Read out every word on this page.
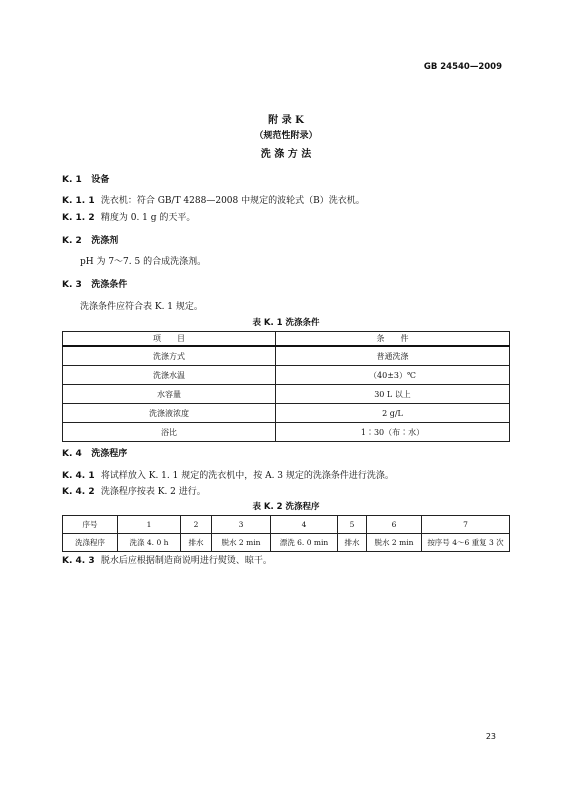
GB 24540—2009
附 录 K
（规范性附录）
洗 涤 方 法
K. 1 设备
K. 1. 1 洗衣机：符合 GB/T 4288—2008 中规定的波轮式（B）洗衣机。
K. 1. 2 精度为 0. 1 g 的天平。
K. 2 洗涤剂
pH 为 7～7. 5 的合成洗涤剂。
K. 3 洗涤条件
洗涤条件应符合表 K. 1 规定。
表 K. 1 洗涤条件
项　　目	条　　件
洗涤方式	普通洗涤
洗涤水温	（40±3）℃
水容量	30 L 以上
洗涤液浓度	2 g/L
浴比	1∶30（布∶水）
K. 4 洗涤程序
K. 4. 1 将试样放入 K. 1. 1 规定的洗衣机中，按 A. 3 规定的洗涤条件进行洗涤。
K. 4. 2 洗涤程序按表 K. 2 进行。
表 K. 2 洗涤程序
序号	1	2	3	4	5	6	7
洗涤程序	洗涤 4. 0 h	排水	脱水 2 min	漂洗 6. 0 min	排水	脱水 2 min	按序号 4～6 重复 3 次
K. 4. 3 脱水后应根据制造商说明进行熨烫、晾干。
23
